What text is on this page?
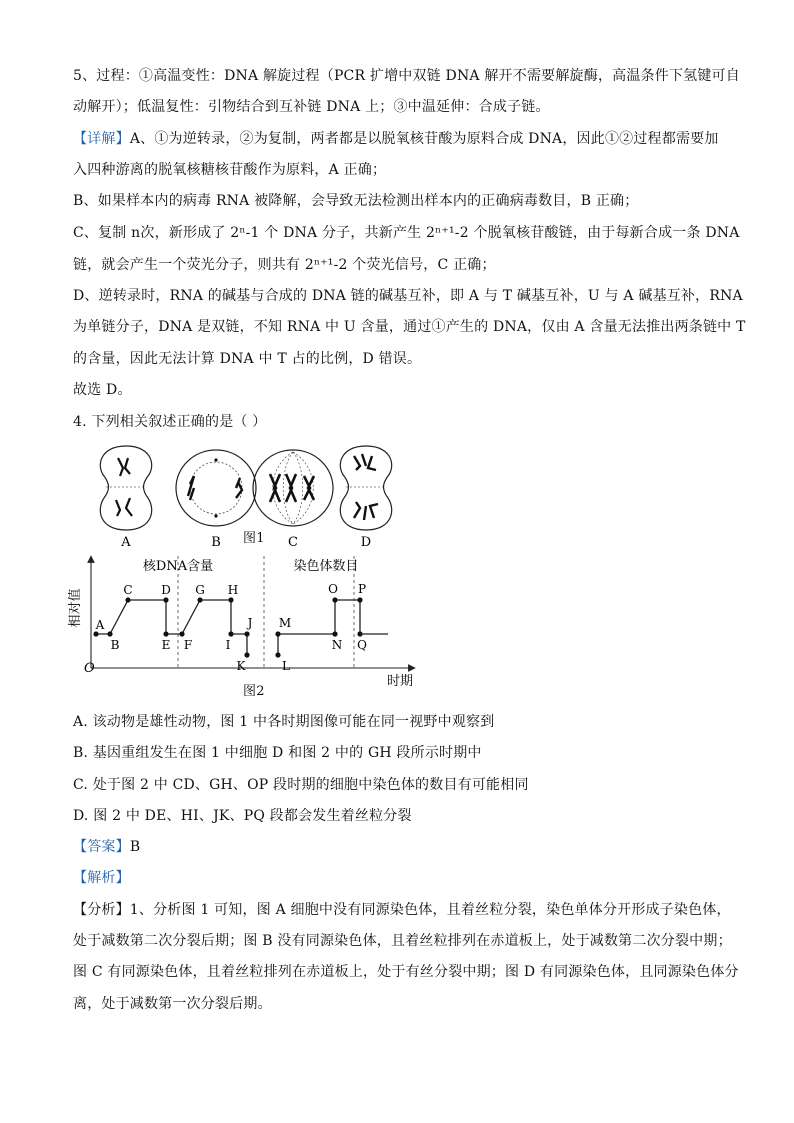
5、过程：①高温变性：DNA 解旋过程（PCR 扩增中双链 DNA 解开不需要解旋酶，高温条件下氢键可自
动解开）；低温复性：引物结合到互补链 DNA 上；③中温延伸：合成子链。
【详解】A、①为逆转录，②为复制，两者都是以脱氧核苷酸为原料合成 DNA，因此①②过程都需要加
入四种游离的脱氧核糖核苷酸作为原料，A 正确；
B、如果样本内的病毒 RNA 被降解，会导致无法检测出样本内的正确病毒数目，B 正确；
C、复制 n次，新形成了 2ⁿ-1 个 DNA 分子，共新产生 2ⁿ⁺¹-2 个脱氧核苷酸链，由于每新合成一条 DNA
链，就会产生一个荧光分子，则共有 2ⁿ⁺¹-2 个荧光信号，C 正确；
D、逆转录时，RNA 的碱基与合成的 DNA 链的碱基互补，即 A 与 T 碱基互补，U 与 A 碱基互补，RNA
为单链分子，DNA 是双链，不知 RNA 中 U 含量，通过①产生的 DNA，仅由 A 含量无法推出两条链中 T
的含量，因此无法计算 DNA 中 T 占的比例，D 错误。
故选 D。
4. 下列相关叙述正确的是（ ）
A	B	C	D
图1
A
B
C D
E F
G H
I
J
K	L
M
N
O P
Q
核DNA含量	染色体数目
O
时期
相对值
图2
A. 该动物是雄性动物，图 1 中各时期图像可能在同一视野中观察到
B. 基因重组发生在图 1 中细胞 D 和图 2 中的 GH 段所示时期中
C. 处于图 2 中 CD、GH、OP 段时期的细胞中染色体的数目有可能相同
D. 图 2 中 DE、HI、JK、PQ 段都会发生着丝粒分裂
【答案】B
【解析】
【分析】1、分析图 1 可知，图 A 细胞中没有同源染色体，且着丝粒分裂，染色单体分开形成子染色体，
处于减数第二次分裂后期；图 B 没有同源染色体，且着丝粒排列在赤道板上，处于减数第二次分裂中期；
图 C 有同源染色体，且着丝粒排列在赤道板上，处于有丝分裂中期；图 D 有同源染色体，且同源染色体分
离，处于减数第一次分裂后期。
